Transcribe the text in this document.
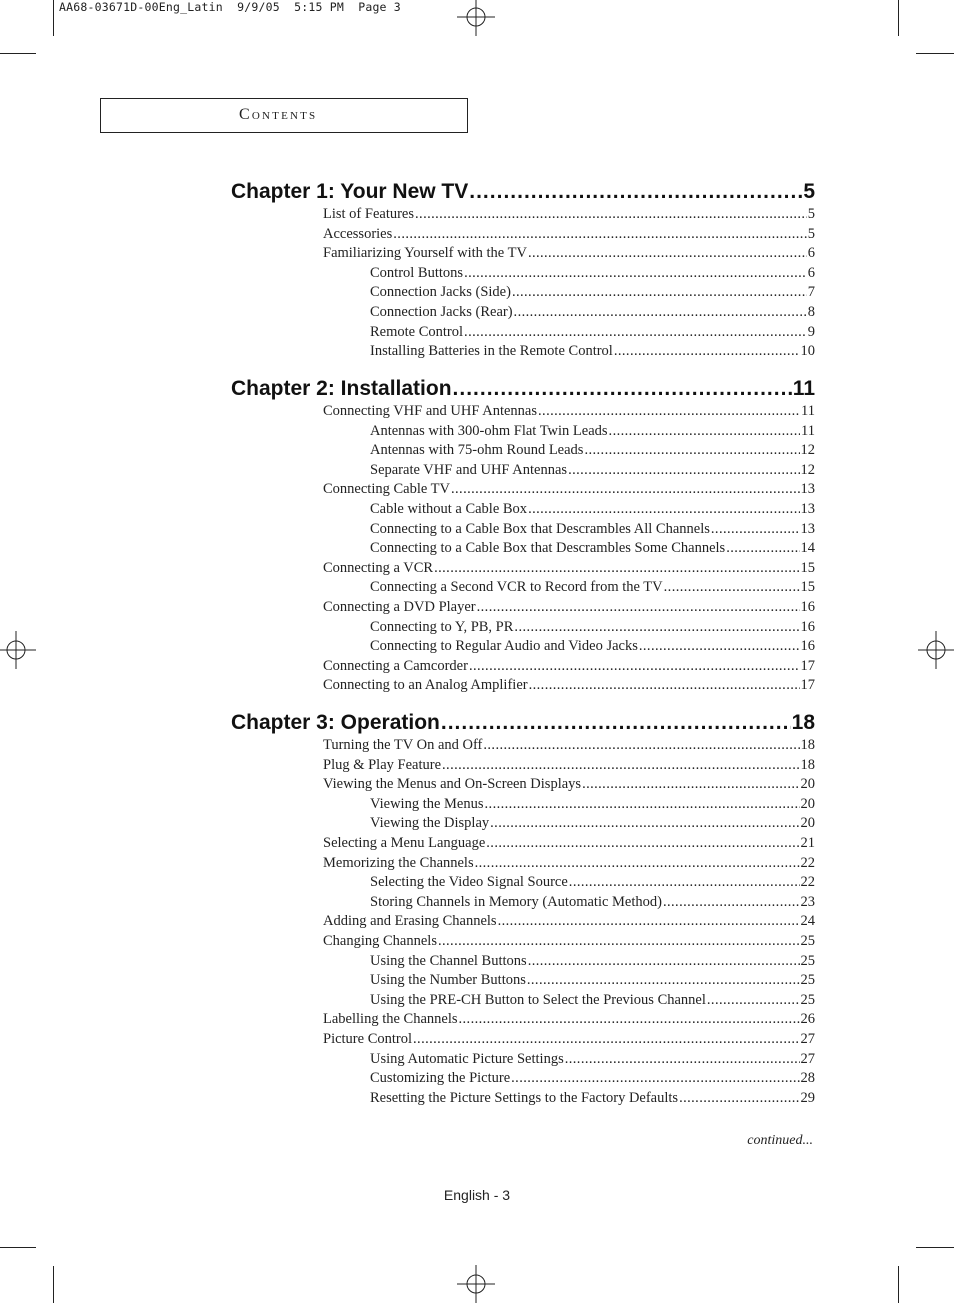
AA68-03671D-00Eng_Latin  9/9/05  5:15 PM  Page 3
Contents
Chapter 1: Your New TV .....	5
List of Features .....	5
Accessories .....	5
Familiarizing Yourself with the TV .....	6
Control Buttons .....	6
Connection Jacks (Side) .....	7
Connection Jacks (Rear) .....	8
Remote Control .....	9
Installing Batteries in the Remote Control .....	10
Chapter 2: Installation .....	11
Connecting VHF and UHF Antennas .....	11
Antennas with 300-ohm Flat Twin Leads .....	11
Antennas with 75-ohm Round Leads .....	12
Separate VHF and UHF Antennas .....	12
Connecting Cable TV .....	13
Cable without a Cable Box .....	13
Connecting to a Cable Box that Descrambles All Channels .....	13
Connecting to a Cable Box that Descrambles Some Channels .....	14
Connecting a VCR .....	15
Connecting a Second VCR to Record from the TV .....	15
Connecting a DVD Player .....	16
Connecting to Y, PB, PR .....	16
Connecting to Regular Audio and Video Jacks .....	16
Connecting a Camcorder .....	17
Connecting to an Analog Amplifier .....	17
Chapter 3: Operation .....	18
Turning the TV On and Off .....	18
Plug & Play Feature .....	18
Viewing the Menus and On-Screen Displays .....	20
Viewing the Menus .....	20
Viewing the Display .....	20
Selecting a Menu Language .....	21
Memorizing the Channels .....	22
Selecting the Video Signal Source .....	22
Storing Channels in Memory (Automatic Method) .....	23
Adding and Erasing Channels .....	24
Changing Channels .....	25
Using the Channel Buttons .....	25
Using the Number Buttons .....	25
Using the PRE-CH Button to Select the Previous Channel .....	25
Labelling the Channels .....	26
Picture Control .....	27
Using Automatic Picture Settings .....	27
Customizing the Picture .....	28
Resetting the Picture Settings to the Factory Defaults .....	29
continued...
English - 3
